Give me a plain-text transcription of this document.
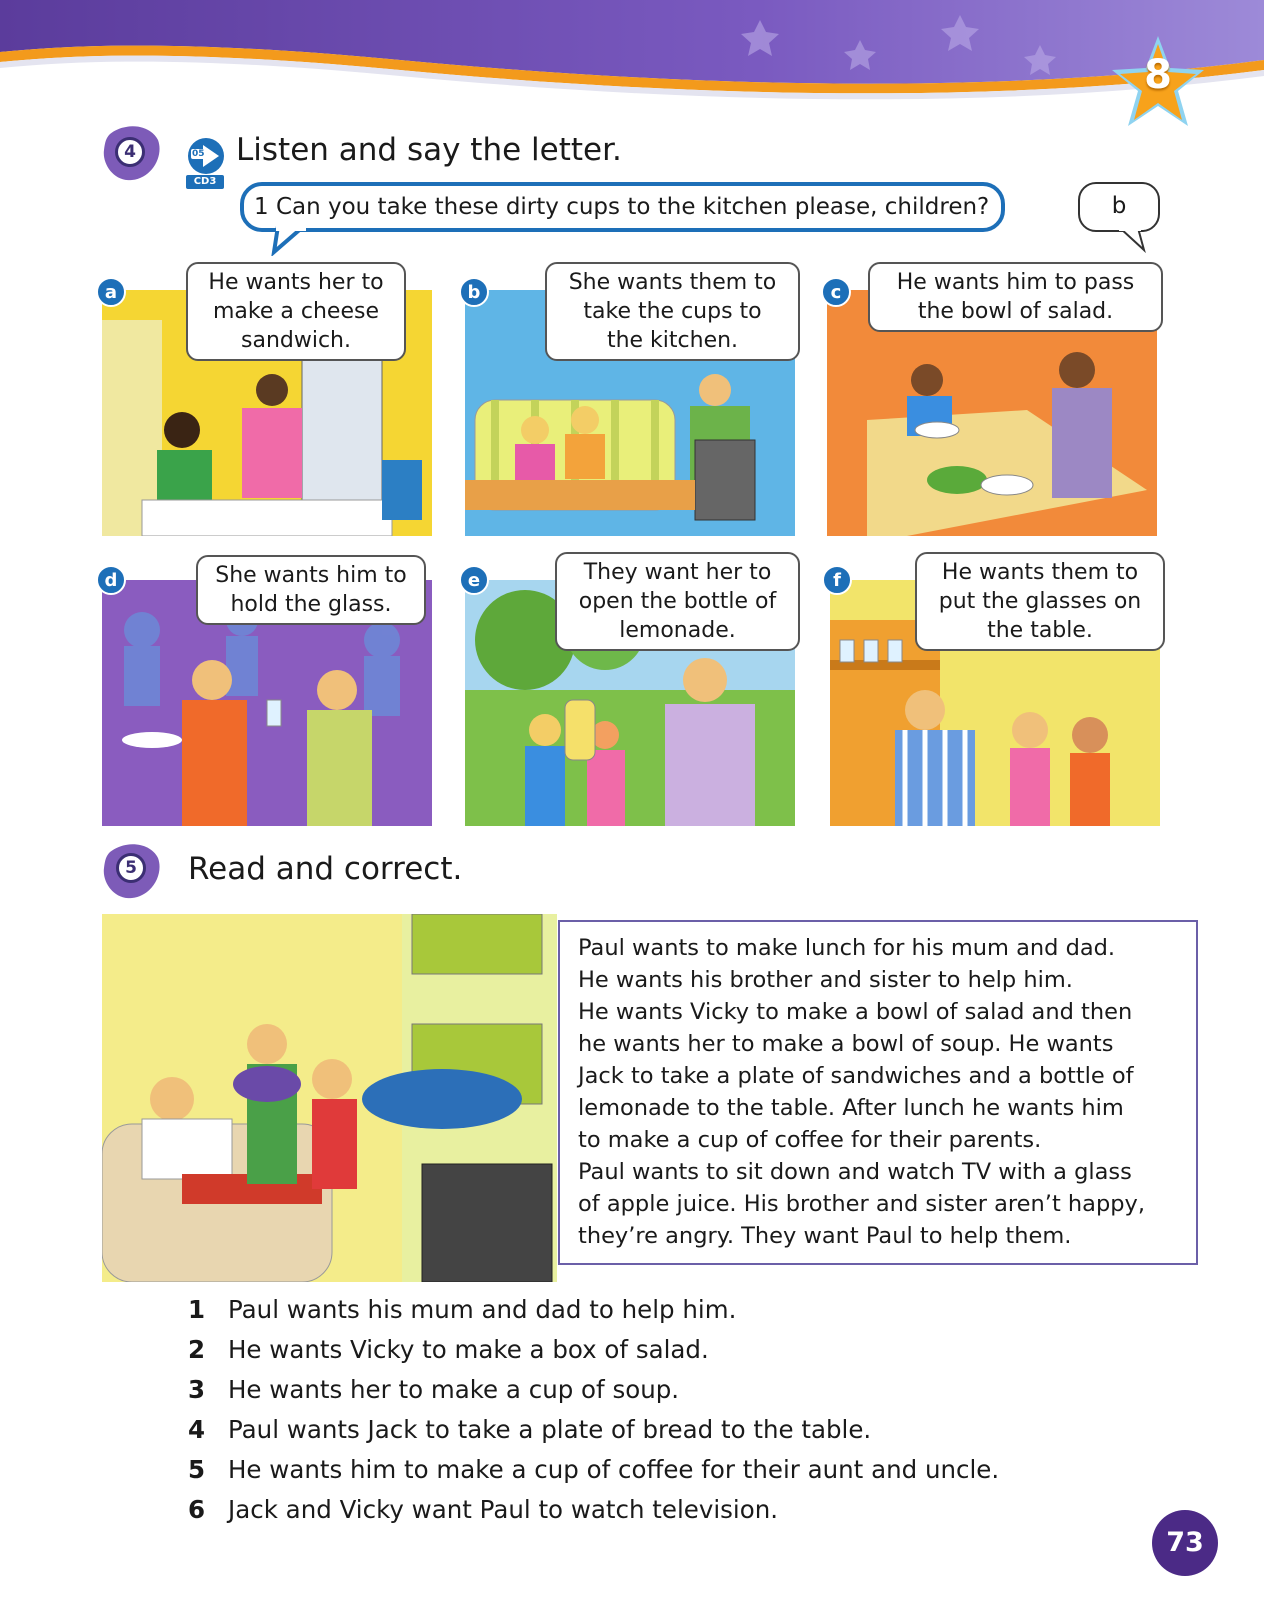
8
4	05
CD3
Listen and say the letter.
1 Can you take these dirty cups to the kitchen please, children?	b
a	He wants her to
make a cheese
sandwich.
b	She wants them to
take the cups to
the kitchen.
c	He wants him to pass
the bowl of salad.
d	She wants him to
hold the glass.
e	They want her to
open the bottle of
lemonade.
f	He wants them to
put the glasses on
the table.
5 Read and correct.

Paul wants to make lunch for his mum and dad.

He wants his brother and sister to help him.

He wants Vicky to make a bowl of salad and then

he wants her to make a bowl of soup. He wants

Jack to take a plate of sandwiches and a bottle of

lemonade to the table. After lunch he wants him

to make a cup of coffee for their parents.

Paul wants to sit down and watch TV with a glass

of apple juice. His brother and sister aren’t happy,

they’re angry. They want Paul to help them.

1 Paul wants his mum and dad to help him.
2 He wants Vicky to make a box of salad.
3 He wants her to make a cup of soup.
4 Paul wants Jack to take a plate of bread to the table.
5 He wants him to make a cup of coffee for their aunt and uncle.
6 Jack and Vicky want Paul to watch television.
73
